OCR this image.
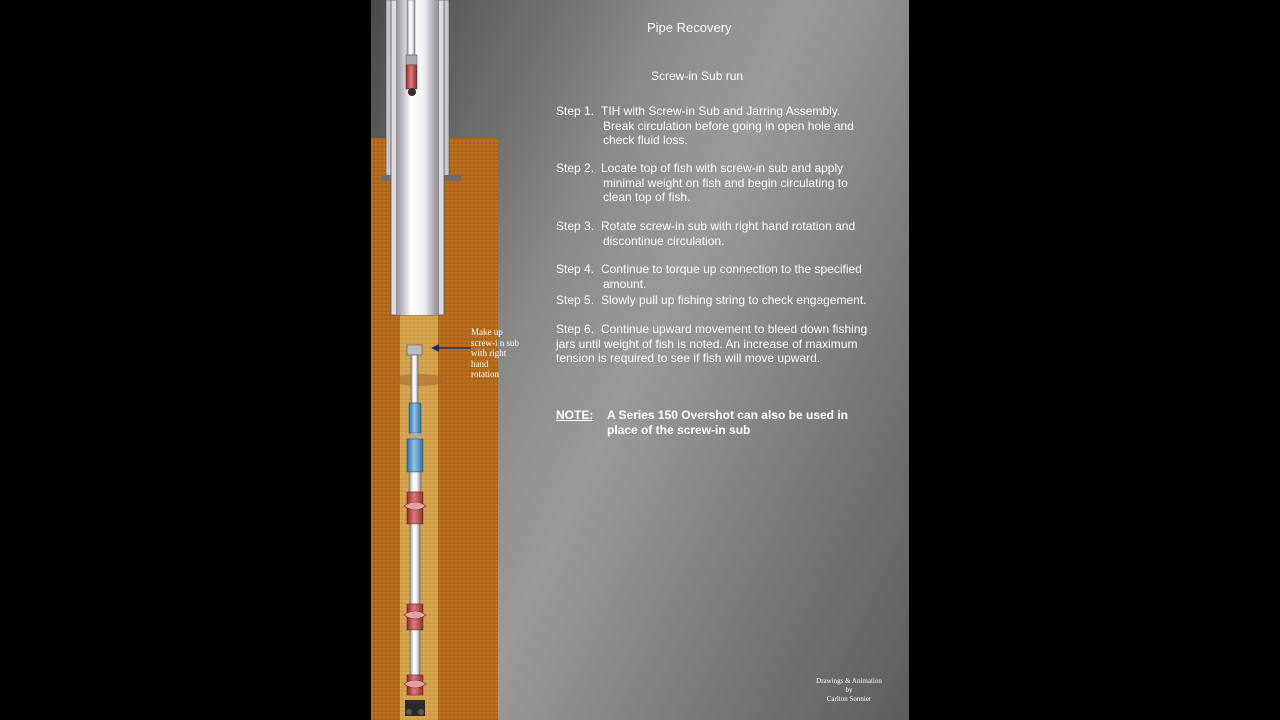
Pipe Recovery
Screw-in Sub run
Step 1. TIH with Screw-in Sub and Jarring Assembly.
Break circulation before going in open hole and
check fluid loss.
Step 2. Locate top of fish with screw-in sub and apply
minimal weight on fish and begin circulating to
clean top of fish.
Step 3. Rotate screw-in sub with right hand rotation and
discontinue circulation.
Step 4. Continue to torque up connection to the specified
amount.
Step 5. Slowly pull up fishing string to check engagement.
Step 6. Continue upward movement to bleed down fishing
jars until weight of fish is noted. An increase of maximum
tension is required to see if fish will move upward.
NOTE: A Series 150 Overshot can also be used in
place of the screw-in sub
Make up
screw-i n sub
with right
hand
rotation
Drawings & Animation
by
Carlton Sonnier
